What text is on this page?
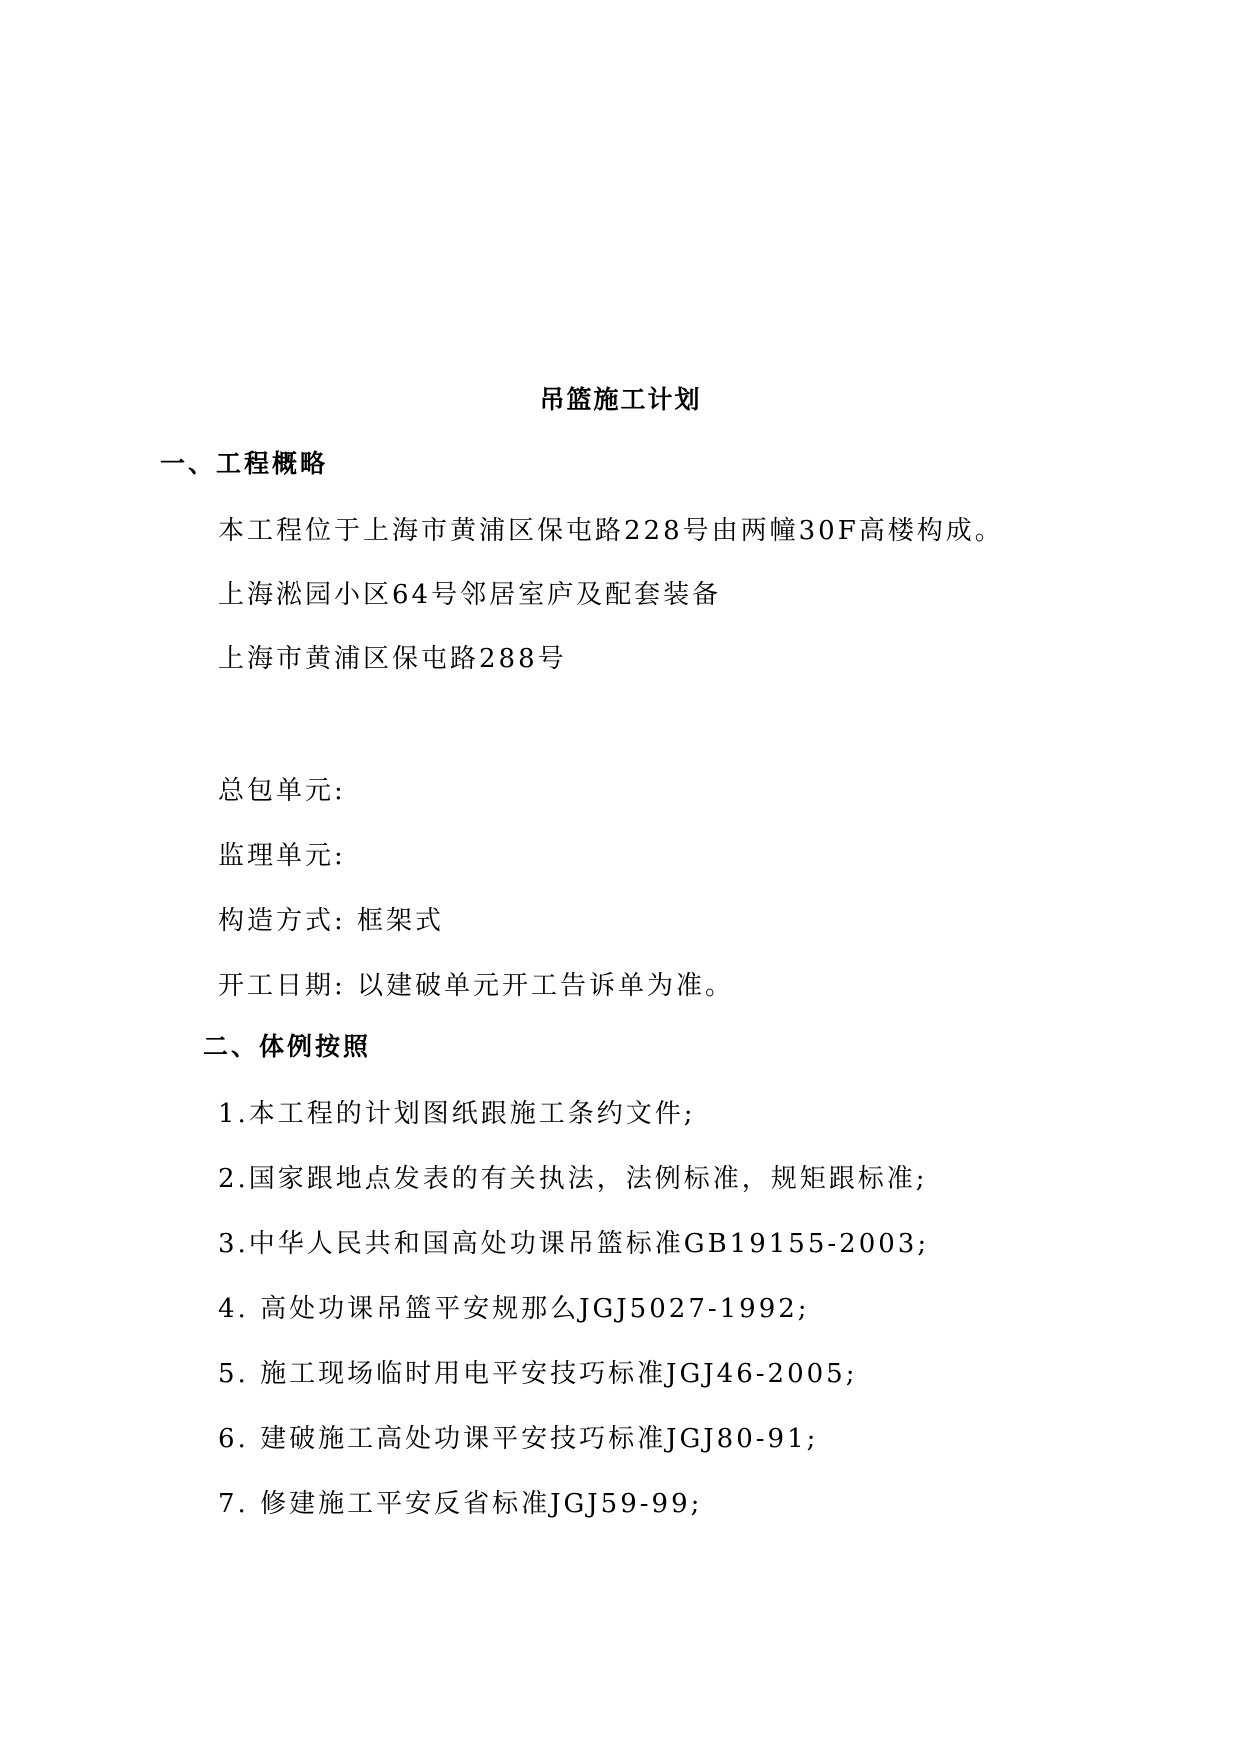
吊篮施工计划
一、工程概略
本工程位于上海市黄浦区保屯路228号由两幢30F高楼构成。
上海淞园小区64号邻居室庐及配套装备
上海市黄浦区保屯路288号
总包单元:
监理单元:
构造方式: 框架式
开工日期: 以建破单元开工告诉单为准。
二、体例按照
1.本工程的计划图纸跟施工条约文件;
2.国家跟地点发表的有关执法，法例标准，规矩跟标准;
3.中华人民共和国高处功课吊篮标准GB19155-2003;
4. 高处功课吊篮平安规那么JGJ5027-1992;
5. 施工现场临时用电平安技巧标准JGJ46-2005;
6. 建破施工高处功课平安技巧标准JGJ80-91;
7. 修建施工平安反省标准JGJ59-99;
